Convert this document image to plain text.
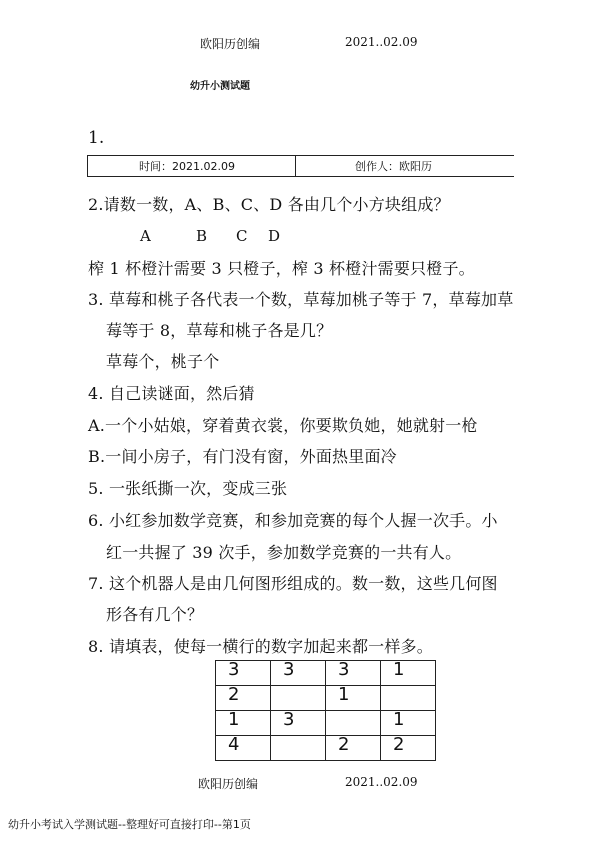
欧阳历创编	2021..02.09
幼升小测试题
1.
时间：2021.02.09	创作人：欧阳历
2.请数一数，A、B、C、D 各由几个小方块组成？
A	B C D
榨 1 杯橙汁需要 3 只橙子，榨 3 杯橙汁需要只橙子。
3. 草莓和桃子各代表一个数，草莓加桃子等于 7，草莓加草
莓等于 8，草莓和桃子各是几？
草莓个，桃子个
4. 自己读谜面，然后猜
A.一个小姑娘，穿着黄衣裳，你要欺负她，她就射一枪
B.一间小房子，有门没有窗，外面热里面冷
5. 一张纸撕一次，变成三张
6. 小红参加数学竞赛，和参加竞赛的每个人握一次手。小
红一共握了 39 次手，参加数学竞赛的一共有人。
7. 这个机器人是由几何图形组成的。数一数，这些几何图
形各有几个？
8. 请填表，使每一横行的数字加起来都一样多。
3	3	3	1
2		1	
1	3		1
4		2	2
欧阳历创编	2021..02.09
幼升小考试入学测试题--整理好可直接打印--第1页
